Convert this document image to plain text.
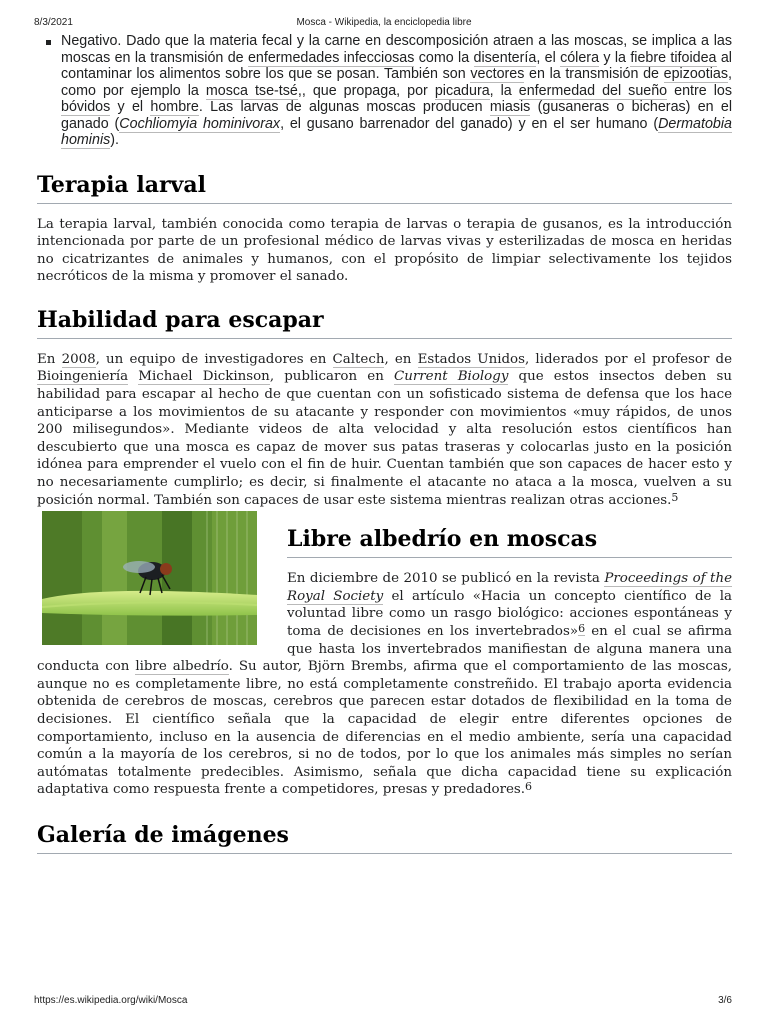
8/3/2021	Mosca - Wikipedia, la enciclopedia libre
Negativo. Dado que la materia fecal y la carne en descomposición atraen a las moscas, se implica a las moscas en la transmisión de enfermedades infecciosas como la disentería, el cólera y la fiebre tifoidea al contaminar los alimentos sobre los que se posan. También son vectores en la transmisión de epizootias, como por ejemplo la mosca tse-tsé,, que propaga, por picadura, la enfermedad del sueño entre los bóvidos y el hombre. Las larvas de algunas moscas producen miasis (gusaneras o bicheras) en el ganado (Cochliomyia hominivorax, el gusano barrenador del ganado) y en el ser humano (Dermatobia hominis).
Terapia larval

La terapia larval, también conocida como terapia de larvas o terapia de gusanos, es la introducción intencionada por parte de un profesional médico de larvas vivas y esterilizadas de mosca en heridas no cicatrizantes de animales y humanos, con el propósito de limpiar selectivamente los tejidos necróticos de la misma y promover el sanado.

Habilidad para escapar

En 2008, un equipo de investigadores en Caltech, en Estados Unidos, liderados por el profesor de Bioingeniería Michael Dickinson, publicaron en Current Biology que estos insectos deben su habilidad para escapar al hecho de que cuentan con un sofisticado sistema de defensa que los hace anticiparse a los movimientos de su atacante y responder con movimientos «muy rápidos, de unos 200 milisegundos». Mediante videos de alta velocidad y alta resolución estos científicos han descubierto que una mosca es capaz de mover sus patas traseras y colocarlas justo en la posición idónea para emprender el vuelo con el fin de huir. Cuentan también que son capaces de hacer esto y no necesariamente cumplirlo; es decir, si finalmente el atacante no ataca a la mosca, vuelven a su posición normal. También son capaces de usar este sistema mientras realizan otras acciones.$^5$

Libre albedrío en moscas

En diciembre de 2010 se publicó en la revista Proceedings of the Royal Society el artículo «Hacia un concepto científico de la voluntad libre como un rasgo biológico: acciones espontáneas y toma de decisiones en los invertebrados»$^6$ en el cual se afirma que hasta los invertebrados manifiestan de alguna manera una conducta con libre albedrío. Su autor, Björn Brembs, afirma que el comportamiento de las moscas, aunque no es completamente libre, no está completamente constreñido. El trabajo aporta evidencia obtenida de cerebros de moscas, cerebros que parecen estar dotados de flexibilidad en la toma de decisiones. El científico señala que la capacidad de elegir entre diferentes opciones de comportamiento, incluso en la ausencia de diferencias en el medio ambiente, sería una capacidad común a la mayoría de los cerebros, si no de todos, por lo que los animales más simples no serían autómatas totalmente predecibles. Asimismo, señala que dicha capacidad tiene su explicación adaptativa como respuesta frente a competidores, presas y predadores.$^6$

Galería de imágenes
https://es.wikipedia.org/wiki/Mosca	3/6
